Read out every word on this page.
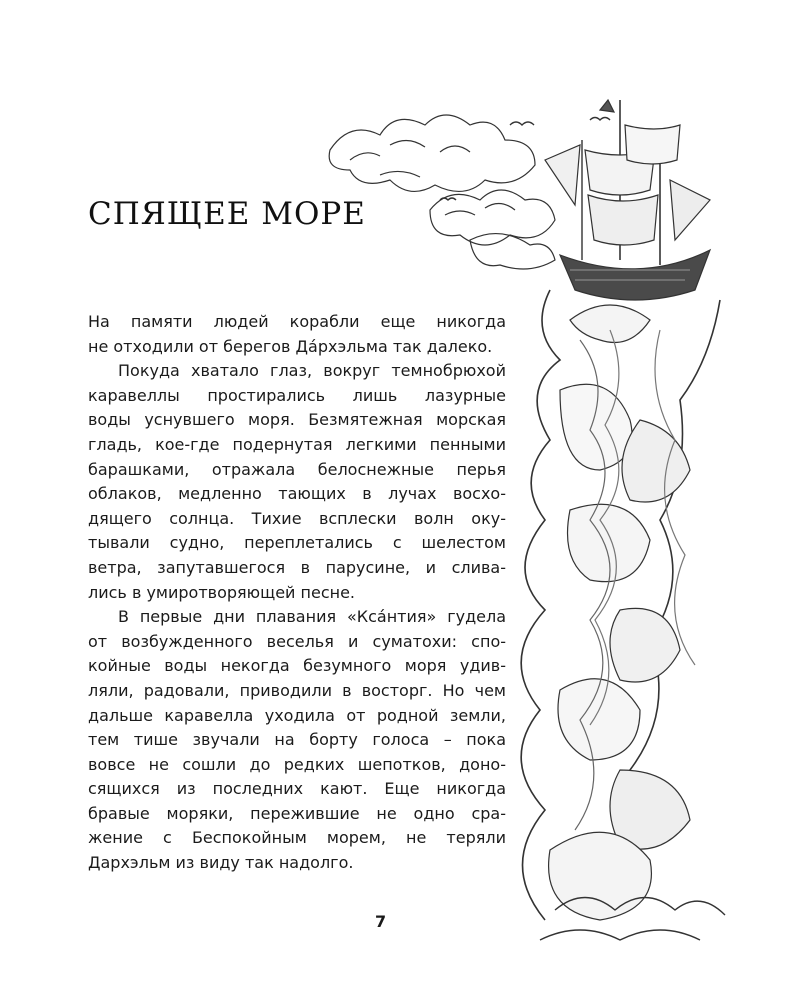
СПЯЩЕЕ МОРЕ
На памяти людей корабли еще никогда
не отходили от берегов Да́рхэльма так далеко.
Покуда хватало глаз, вокруг темнобрюхой
каравеллы простирались лишь лазурные
воды уснувшего моря. Безмятежная морская
гладь, кое-где подернутая легкими пенными
барашками, отражала белоснежные перья
облаков, медленно тающих в лучах восхо-
дящего солнца. Тихие всплески волн оку-
тывали судно, переплетались с шелестом
ветра, запутавшегося в парусине, и слива-
лись в умиротворяющей песне.
В первые дни плавания «Кса́нтия» гудела
от возбужденного веселья и суматохи: спо-
койные воды некогда безумного моря удив-
ляли, радовали, приводили в восторг. Но чем
дальше каравелла уходила от родной земли,
тем тише звучали на борту голоса – пока
вовсе не сошли до редких шепотков, доно-
сящихся из последних кают. Еще никогда
бравые моряки, пережившие не одно сра-
жение с Беспокойным морем, не теряли
Дархэльм из виду так надолго.
7
